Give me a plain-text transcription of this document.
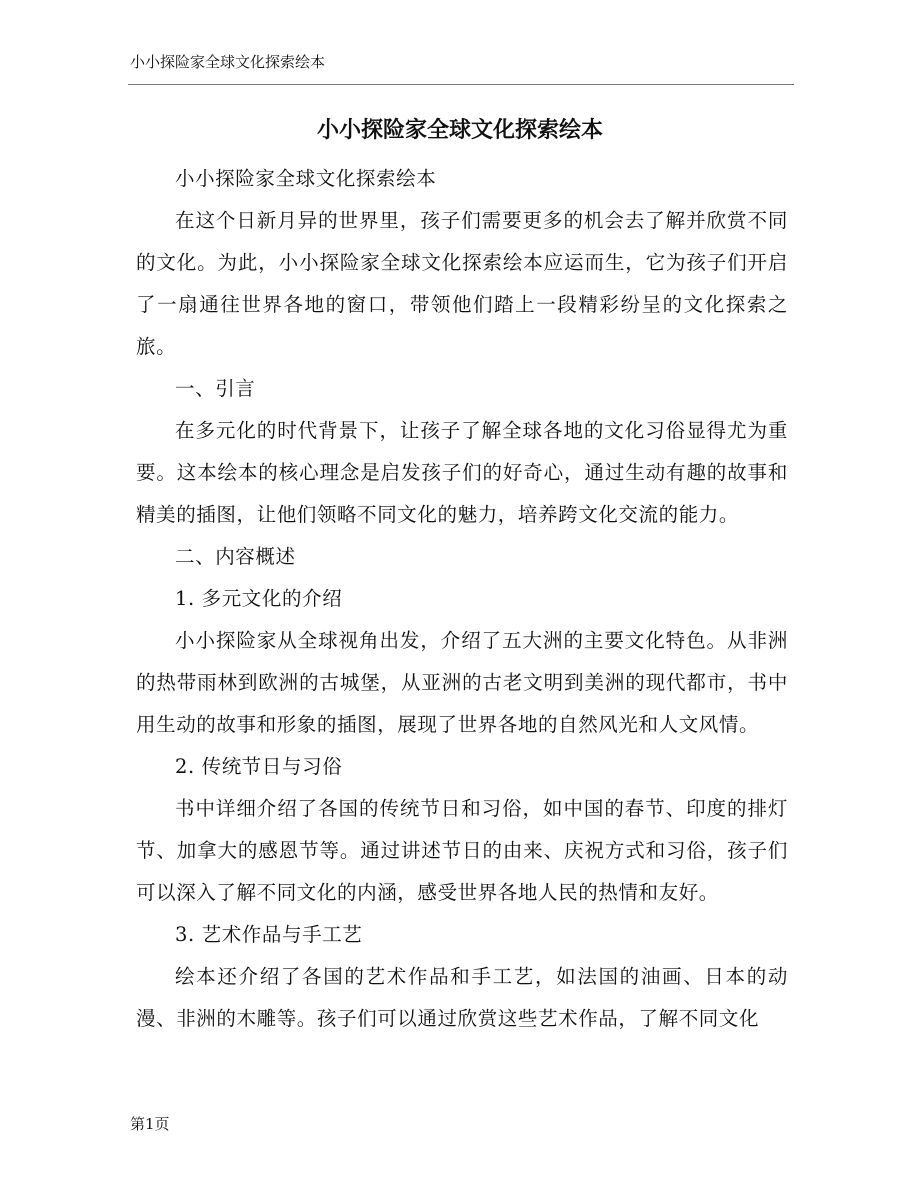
小小探险家全球文化探索绘本
小小探险家全球文化探索绘本

小小探险家全球文化探索绘本

在这个日新月异的世界里，孩子们需要更多的机会去了解并欣赏不同的文化。为此，小小探险家全球文化探索绘本应运而生，它为孩子们开启了一扇通往世界各地的窗口，带领他们踏上一段精彩纷呈的文化探索之旅。

一、引言

在多元化的时代背景下，让孩子了解全球各地的文化习俗显得尤为重要。这本绘本的核心理念是启发孩子们的好奇心，通过生动有趣的故事和精美的插图，让他们领略不同文化的魅力，培养跨文化交流的能力。

二、内容概述

1. 多元文化的介绍

小小探险家从全球视角出发，介绍了五大洲的主要文化特色。从非洲的热带雨林到欧洲的古城堡，从亚洲的古老文明到美洲的现代都市，书中用生动的故事和形象的插图，展现了世界各地的自然风光和人文风情。

2. 传统节日与习俗

书中详细介绍了各国的传统节日和习俗，如中国的春节、印度的排灯节、加拿大的感恩节等。通过讲述节日的由来、庆祝方式和习俗，孩子们可以深入了解不同文化的内涵，感受世界各地人民的热情和友好。

3. 艺术作品与手工艺

绘本还介绍了各国的艺术作品和手工艺，如法国的油画、日本的动漫、非洲的木雕等。孩子们可以通过欣赏这些艺术作品，了解不同文化

第1页
